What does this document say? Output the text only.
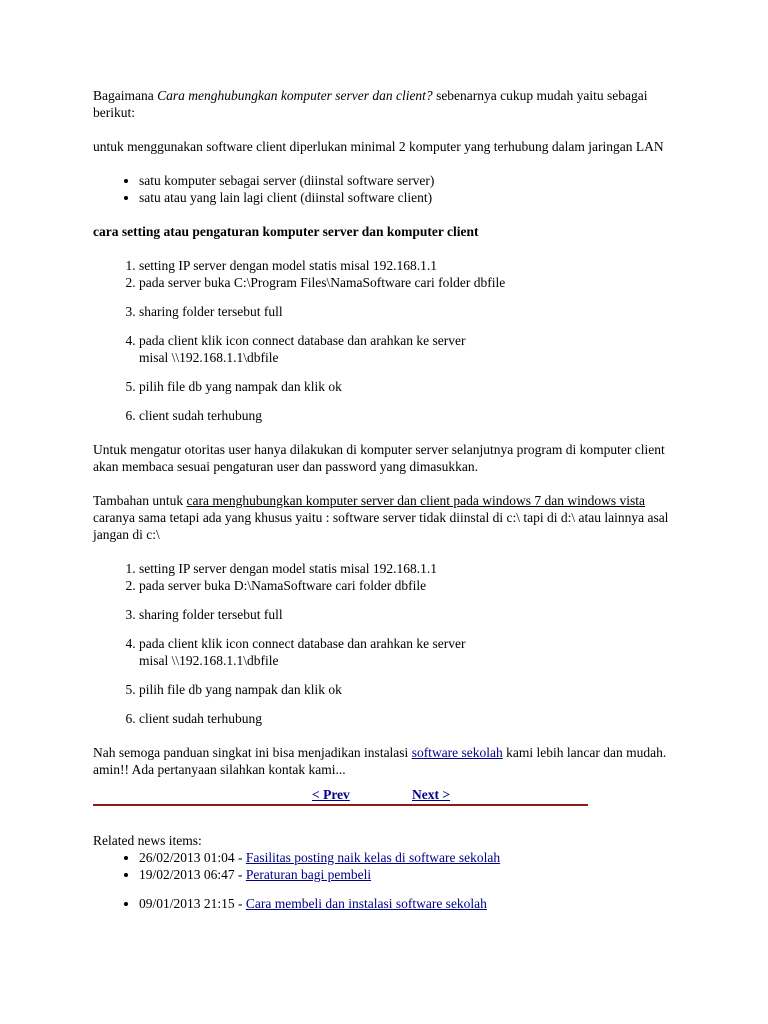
Bagaimana Cara menghubungkan komputer server dan client? sebenarnya cukup mudah yaitu sebagai berikut:

untuk menggunakan software client diperlukan minimal 2 komputer yang terhubung dalam jaringan LAN

• satu komputer sebagai server (diinstal software server)
• satu atau yang lain lagi client (diinstal software client)

cara setting atau pengaturan komputer server dan komputer client

1. setting IP server dengan model statis misal 192.168.1.1
2. pada server buka C:\Program Files\NamaSoftware cari folder dbfile
3. sharing folder tersebut full
4. pada client klik icon connect database dan arahkan ke server
misal \\192.168.1.1\dbfile
5. pilih file db yang nampak dan klik ok
6. client sudah terhubung

Untuk mengatur otoritas user hanya dilakukan di komputer server selanjutnya program di komputer client akan membaca sesuai pengaturan user dan password yang dimasukkan.

Tambahan untuk cara menghubungkan komputer server dan client pada windows 7 dan windows vista caranya sama tetapi ada yang khusus yaitu : software server tidak diinstal di c:\ tapi di d:\ atau lainnya asal jangan di c:\

1. setting IP server dengan model statis misal 192.168.1.1
2. pada server buka D:\NamaSoftware cari folder dbfile
3. sharing folder tersebut full
4. pada client klik icon connect database dan arahkan ke server
misal \\192.168.1.1\dbfile
5. pilih file db yang nampak dan klik ok
6. client sudah terhubung

Nah semoga panduan singkat ini bisa menjadikan instalasi software sekolah kami lebih lancar dan mudah. amin!! Ada pertanyaan silahkan kontak kami...

< Prev	Next >

Related news items:

• 26/02/2013 01:04 - Fasilitas posting naik kelas di software sekolah
• 19/02/2013 06:47 - Peraturan bagi pembeli
• 09/01/2013 21:15 - Cara membeli dan instalasi software sekolah
